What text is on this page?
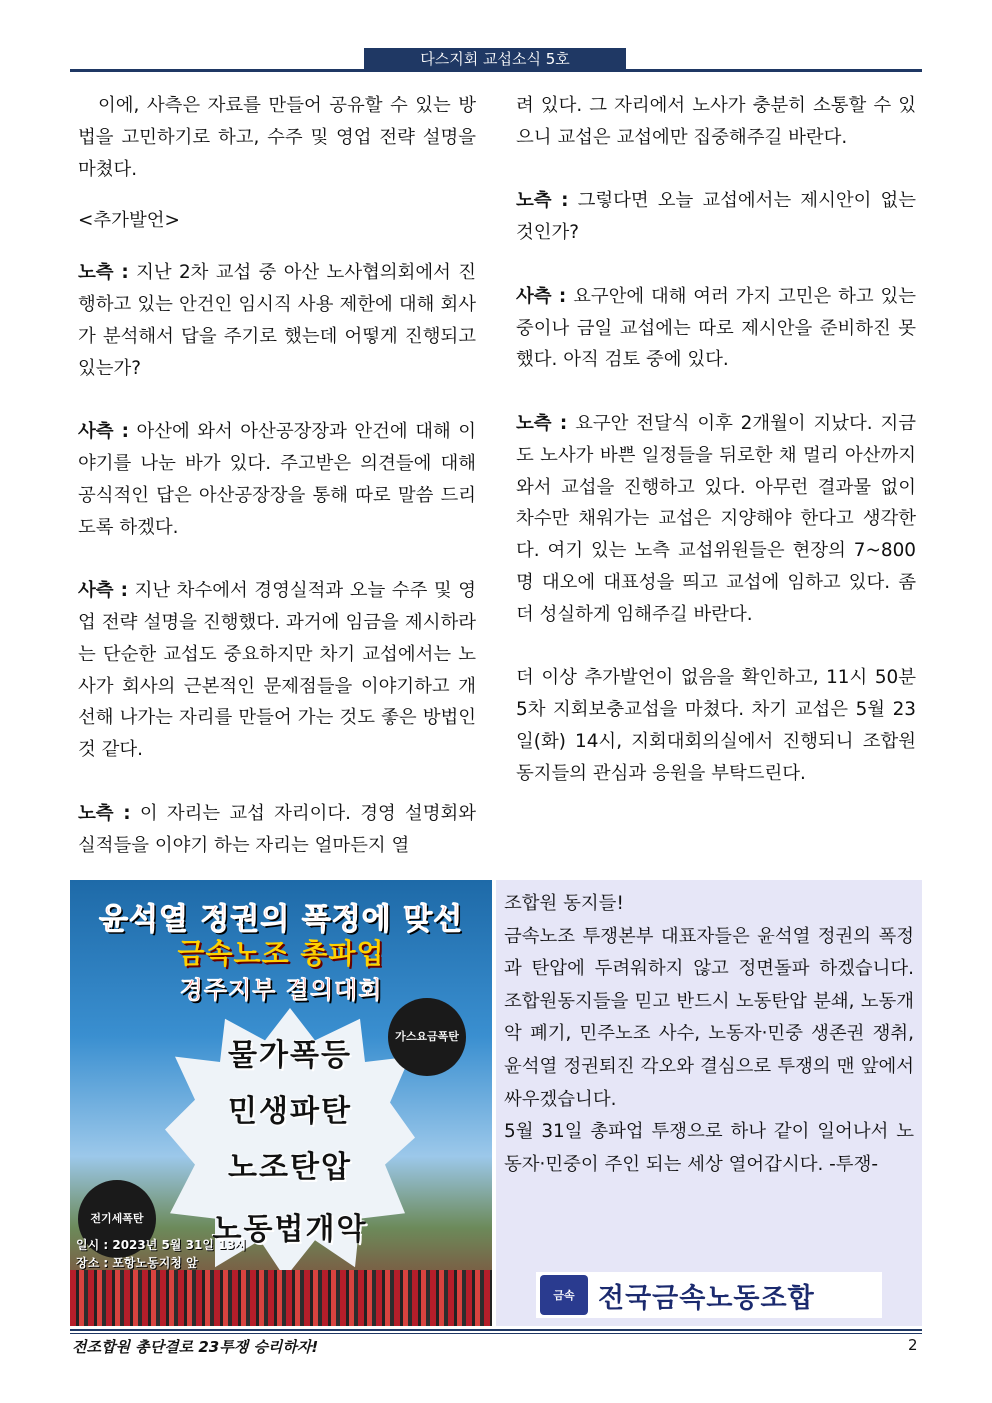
다스지회 교섭소식 5호

　이에, 사측은 자료를 만들어 공유할 수 있는 방법을 고민하기로 하고, 수주 및 영업 전략 설명을 마쳤다.

<추가발언>

노측 : 지난 2차 교섭 중 아산 노사협의회에서 진행하고 있는 안건인 임시직 사용 제한에 대해 회사가 분석해서 답을 주기로 했는데 어떻게 진행되고 있는가?

사측 : 아산에 와서 아산공장장과 안건에 대해 이야기를 나눈 바가 있다. 주고받은 의견들에 대해 공식적인 답은 아산공장장을 통해 따로 말씀 드리도록 하겠다.

사측 : 지난 차수에서 경영실적과 오늘 수주 및 영업 전략 설명을 진행했다. 과거에 임금을 제시하라는 단순한 교섭도 중요하지만 차기 교섭에서는 노사가 회사의 근본적인 문제점들을 이야기하고 개선해 나가는 자리를 만들어 가는 것도 좋은 방법인 것 같다.

노측 : 이 자리는 교섭 자리이다. 경영 설명회와 실적들을 이야기 하는 자리는 얼마든지 열

려 있다. 그 자리에서 노사가 충분히 소통할 수 있으니 교섭은 교섭에만 집중해주길 바란다.

노측 : 그렇다면 오늘 교섭에서는 제시안이 없는 것인가?

사측 : 요구안에 대해 여러 가지 고민은 하고 있는 중이나 금일 교섭에는 따로 제시안을 준비하진 못했다. 아직 검토 중에 있다.

노측 : 요구안 전달식 이후 2개월이 지났다. 지금도 노사가 바쁜 일정들을 뒤로한 채 멀리 아산까지 와서 교섭을 진행하고 있다. 아무런 결과물 없이 차수만 채워가는 교섭은 지양해야 한다고 생각한다. 여기 있는 노측 교섭위원들은 현장의 7~800명 대오에 대표성을 띄고 교섭에 임하고 있다. 좀 더 성실하게 임해주길 바란다.

더 이상 추가발언이 없음을 확인하고, 11시 50분 5차 지회보충교섭을 마쳤다. 차기 교섭은 5월 23일(화) 14시, 지회대회의실에서 진행되니 조합원동지들의 관심과 응원을 부탁드린다.

윤석열 정권의 폭정에 맞선
금속노조 총파업
경주지부 결의대회
물가폭등
민생파탄
노조탄압
노동법개악
가스요금폭탄
전기세폭탄
일시 : 2023년 5월 31일 13시
장소 : 포항노동지청 앞

조합원 동지들!

금속노조 투쟁본부 대표자들은 윤석열 정권의 폭정과 탄압에 두려워하지 않고 정면돌파 하겠습니다. 조합원동지들을 믿고 반드시 노동탄압 분쇄, 노동개악 폐기, 민주노조 사수, 노동자·민중 생존권 쟁취, 윤석열 정권퇴진 각오와 결심으로 투쟁의 맨 앞에서 싸우겠습니다.

5월 31일 총파업 투쟁으로 하나 같이 일어나서 노동자·민중이 주인 되는 세상 열어갑시다. -투쟁-

금속 전국금속노동조합
전조합원 총단결로 23투쟁 승리하자!	2
